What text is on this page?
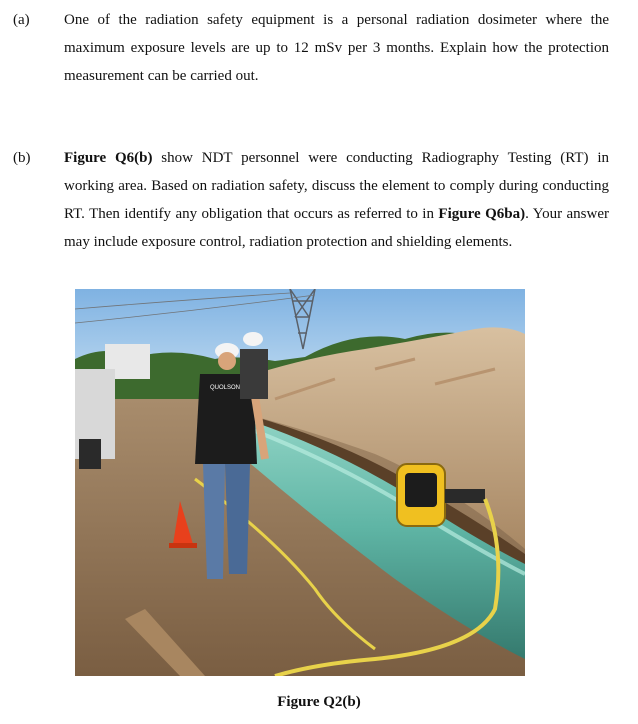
(a) One of the radiation safety equipment is a personal radiation dosimeter where the maximum exposure levels are up to 12 mSv per 3 months. Explain how the protection measurement can be carried out.
(b) Figure Q6(b) show NDT personnel were conducting Radiography Testing (RT) in working area. Based on radiation safety, discuss the element to comply during conducting RT. Then identify any obligation that occurs as referred to in Figure Q6ba). Your answer may include exposure control, radiation protection and shielding elements.
QUOLSON
Figure Q2(b)
